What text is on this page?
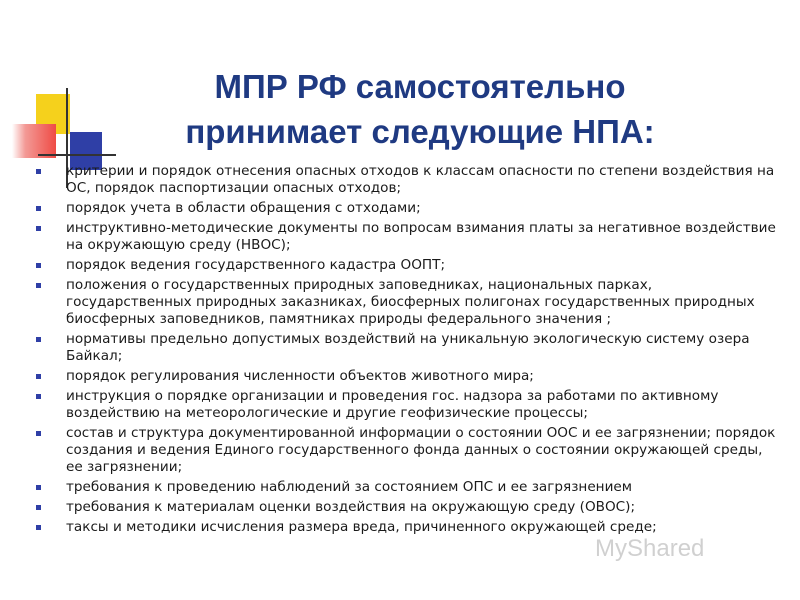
МПР РФ самостоятельно
принимает следующие НПА:
критерии и порядок отнесения опасных отходов к классам опасности по степени воздействия на ОС, порядок паспортизации опасных отходов;
порядок учета в области обращения с отходами;
инструктивно-методические документы по вопросам взимания платы за негативное воздействие на окружающую среду (НВОС);
порядок ведения государственного кадастра ООПТ;
положения о государственных природных заповедниках, национальных парках, государственных природных заказниках, биосферных полигонах государственных природных биосферных заповедников, памятниках природы федерального значения ;
нормативы предельно допустимых воздействий на уникальную экологическую систему озера Байкал;
порядок регулирования численности объектов животного мира;
инструкция о порядке организации и проведения гос. надзора за работами по активному воздействию на метеорологические и другие геофизические процессы;
состав и структура документированной информации о состоянии ООС и ее загрязнении; порядок создания и ведения Единого государственного фонда данных о состоянии окружающей среды, ее загрязнении;
требования к проведению наблюдений за состоянием ОПС и ее загрязнением
требования к материалам оценки воздействия на окружающую среду (ОВОС);
таксы и методики исчисления размера вреда, причиненного окружающей среде;
MyShared
